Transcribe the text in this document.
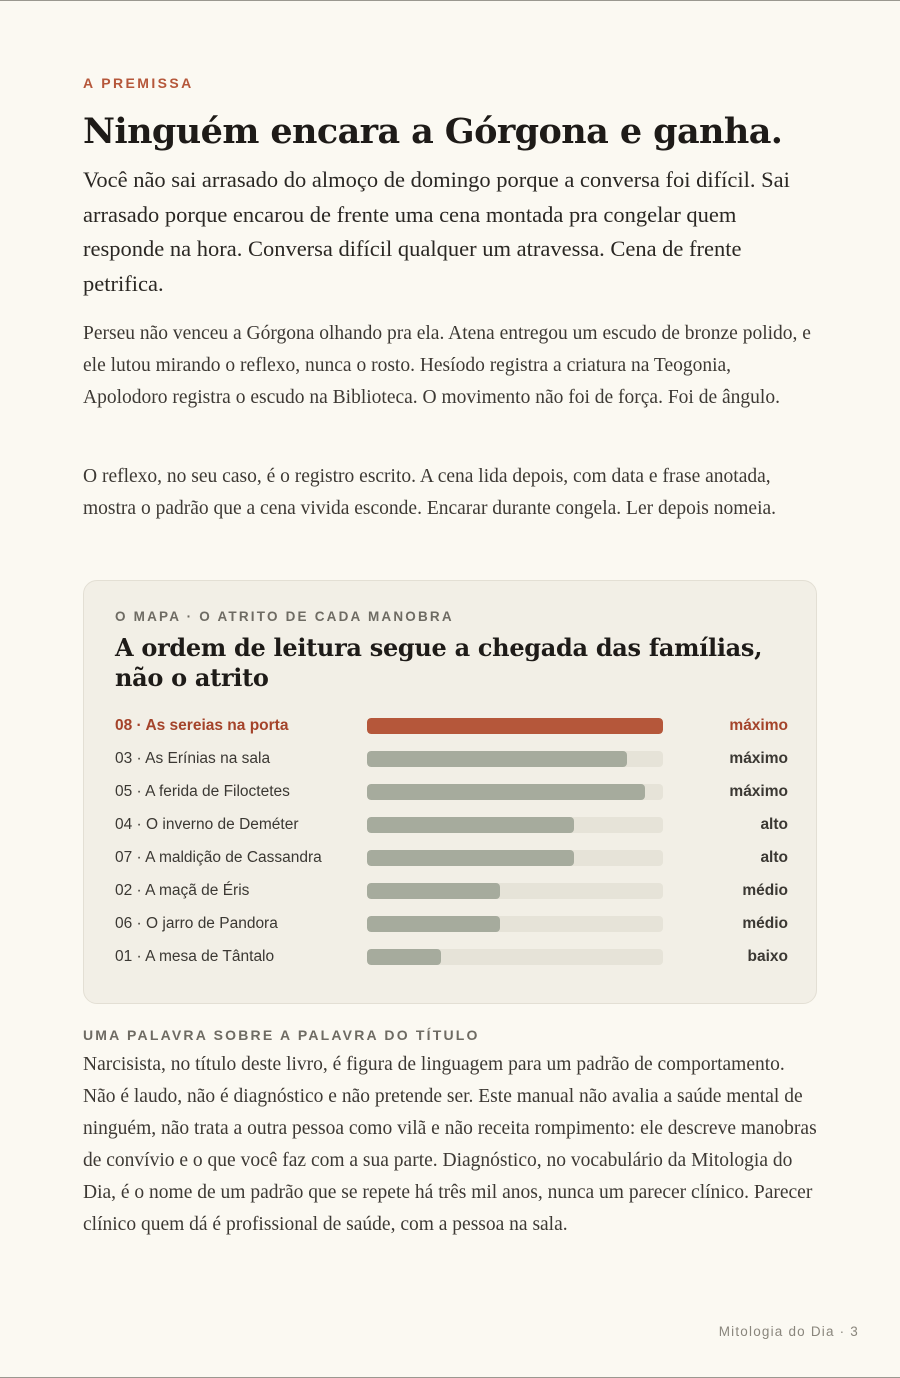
A PREMISSA
Ninguém encara a Górgona e ganha.

Você não sai arrasado do almoço de domingo porque a conversa foi difícil. Sai arrasado porque encarou de frente uma cena montada pra congelar quem responde na hora. Conversa difícil qualquer um atravessa. Cena de frente petrifica.

Perseu não venceu a Górgona olhando pra ela. Atena entregou um escudo de bronze polido, e ele lutou mirando o reflexo, nunca o rosto. Hesíodo registra a criatura na Teogonia, Apolodoro registra o escudo na Biblioteca. O movimento não foi de força. Foi de ângulo.

O reflexo, no seu caso, é o registro escrito. A cena lida depois, com data e frase anotada, mostra o padrão que a cena vivida esconde. Encarar durante congela. Ler depois nomeia.

O MAPA · O ATRITO DE CADA MANOBRA
A ordem de leitura segue a chegada das famílias, não o atrito
08 · As sereias na porta	máximo
03 · As Erínias na sala	máximo
05 · A ferida de Filoctetes	máximo
04 · O inverno de Deméter	alto
07 · A maldição de Cassandra	alto
02 · A maçã de Éris	médio
06 · O jarro de Pandora	médio
01 · A mesa de Tântalo	baixo
UMA PALAVRA SOBRE A PALAVRA DO TÍTULO

Narcisista, no título deste livro, é figura de linguagem para um padrão de comportamento. Não é laudo, não é diagnóstico e não pretende ser. Este manual não avalia a saúde mental de ninguém, não trata a outra pessoa como vilã e não receita rompimento: ele descreve manobras de convívio e o que você faz com a sua parte. Diagnóstico, no vocabulário da Mitologia do Dia, é o nome de um padrão que se repete há três mil anos, nunca um parecer clínico. Parecer clínico quem dá é profissional de saúde, com a pessoa na sala.

Mitologia do Dia · 3
